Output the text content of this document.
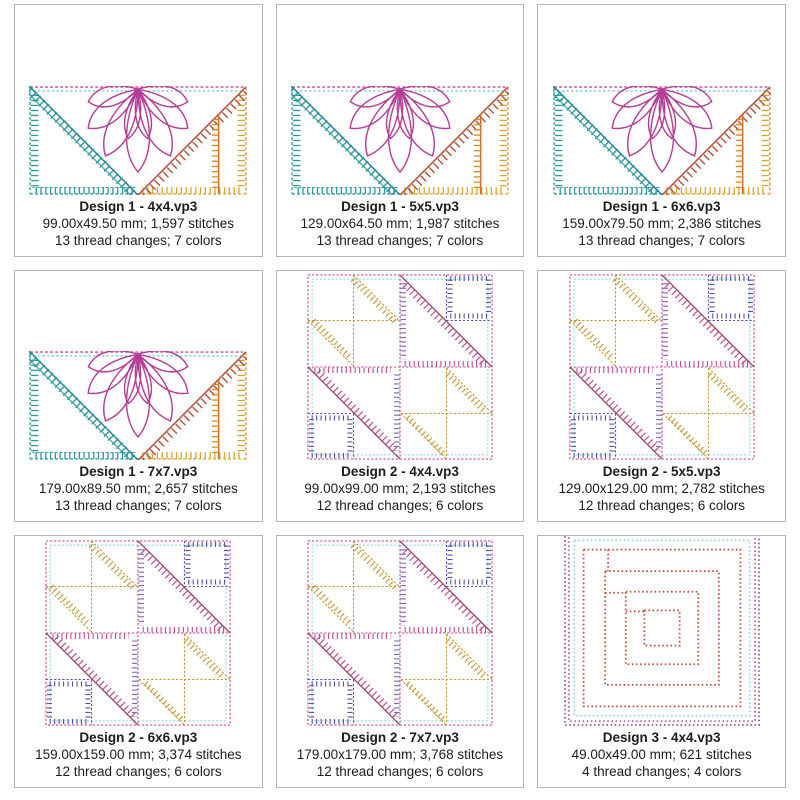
Design 1 - 4x4.vp3
99.00x49.50 mm; 1,597 stitches
13 thread changes; 7 colors
Design 1 - 5x5.vp3
129.00x64.50 mm; 1,987 stitches
13 thread changes; 7 colors
Design 1 - 6x6.vp3
159.00x79.50 mm; 2,386 stitches
13 thread changes; 7 colors
Design 1 - 7x7.vp3
179.00x89.50 mm; 2,657 stitches
13 thread changes; 7 colors
Design 2 - 4x4.vp3
99.00x99.00 mm; 2,193 stitches
12 thread changes; 6 colors
Design 2 - 5x5.vp3
129.00x129.00 mm; 2,782 stitches
12 thread changes; 6 colors
Design 2 - 6x6.vp3
159.00x159.00 mm; 3,374 stitches
12 thread changes; 6 colors
Design 2 - 7x7.vp3
179.00x179.00 mm; 3,768 stitches
12 thread changes; 6 colors
Design 3 - 4x4.vp3
49.00x49.00 mm; 621 stitches
4 thread changes; 4 colors
